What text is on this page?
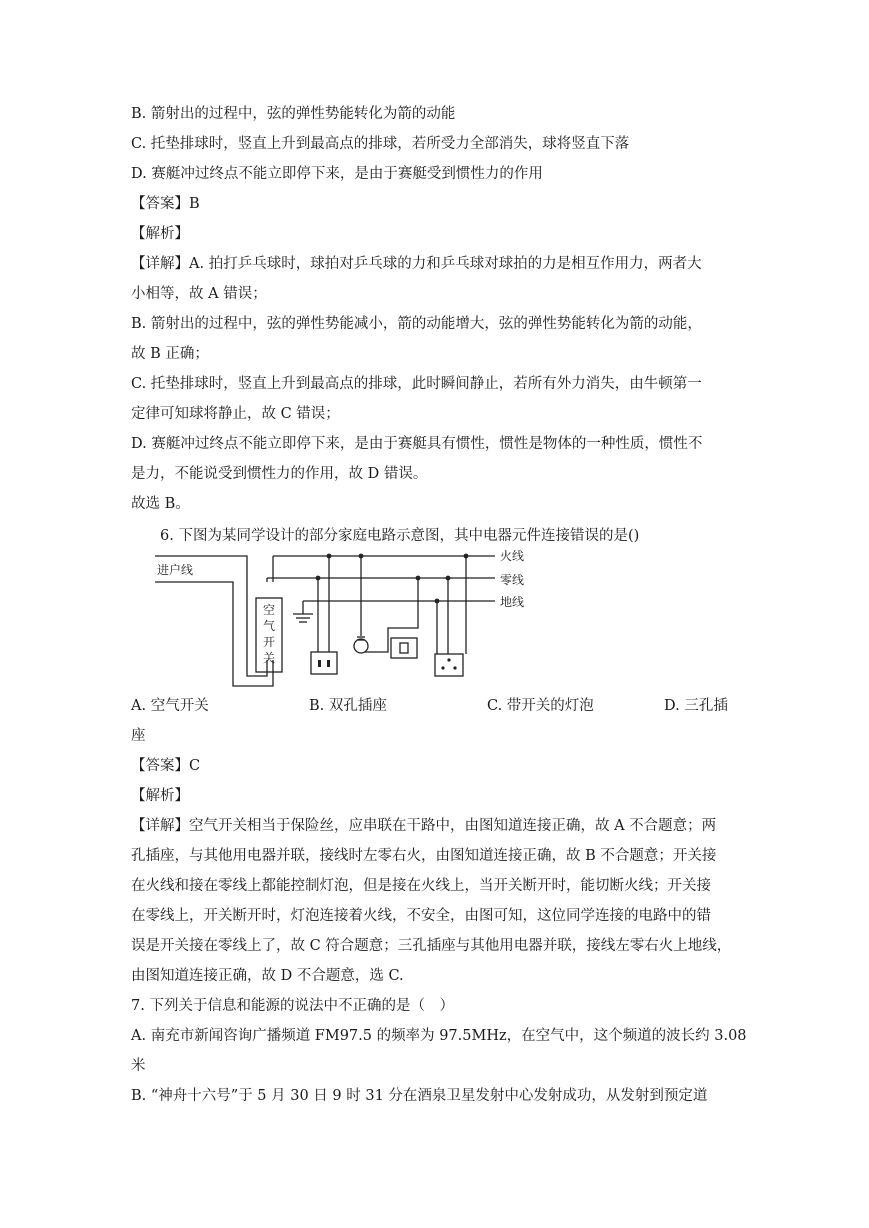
B. 箭射出的过程中，弦的弹性势能转化为箭的动能
C. 托垫排球时，竖直上升到最高点的排球，若所受力全部消失，球将竖直下落
D. 赛艇冲过终点不能立即停下来，是由于赛艇受到惯性力的作用
【答案】B
【解析】
【详解】A. 拍打乒乓球时，球拍对乒乓球的力和乒乓球对球拍的力是相互作用力，两者大
小相等，故 A 错误；
B. 箭射出的过程中，弦的弹性势能减小，箭的动能增大，弦的弹性势能转化为箭的动能，
故 B 正确；
C. 托垫排球时，竖直上升到最高点的排球，此时瞬间静止，若所有外力消失，由牛顿第一
定律可知球将静止，故 C 错误；
D. 赛艇冲过终点不能立即停下来，是由于赛艇具有惯性，惯性是物体的一种性质，惯性不
是力，不能说受到惯性力的作用，故 D 错误。
故选 B。
6. 下图为某同学设计的部分家庭电路示意图，其中电器元件连接错误的是()
进户线
火线
零线
地线
空
气
开
关
A. 空气开关	B. 双孔插座	C. 带开关的灯泡	D. 三孔插
座
【答案】C
【解析】
【详解】空气开关相当于保险丝，应串联在干路中，由图知道连接正确，故 A 不合题意；两
孔插座，与其他用电器并联，接线时左零右火，由图知道连接正确，故 B 不合题意；开关接
在火线和接在零线上都能控制灯泡，但是接在火线上，当开关断开时，能切断火线；开关接
在零线上，开关断开时，灯泡连接着火线，不安全，由图可知，这位同学连接的电路中的错
误是开关接在零线上了，故 C 符合题意；三孔插座与其他用电器并联，接线左零右火上地线，
由图知道连接正确，故 D 不合题意，选 C.
7. 下列关于信息和能源的说法中不正确的是（　）
A. 南充市新闻咨询广播频道 FM97.5 的频率为 97.5MHz，在空气中，这个频道的波长约 3.08
米
B. “神舟十六号”于 5 月 30 日 9 时 31 分在酒泉卫星发射中心发射成功，从发射到预定道
